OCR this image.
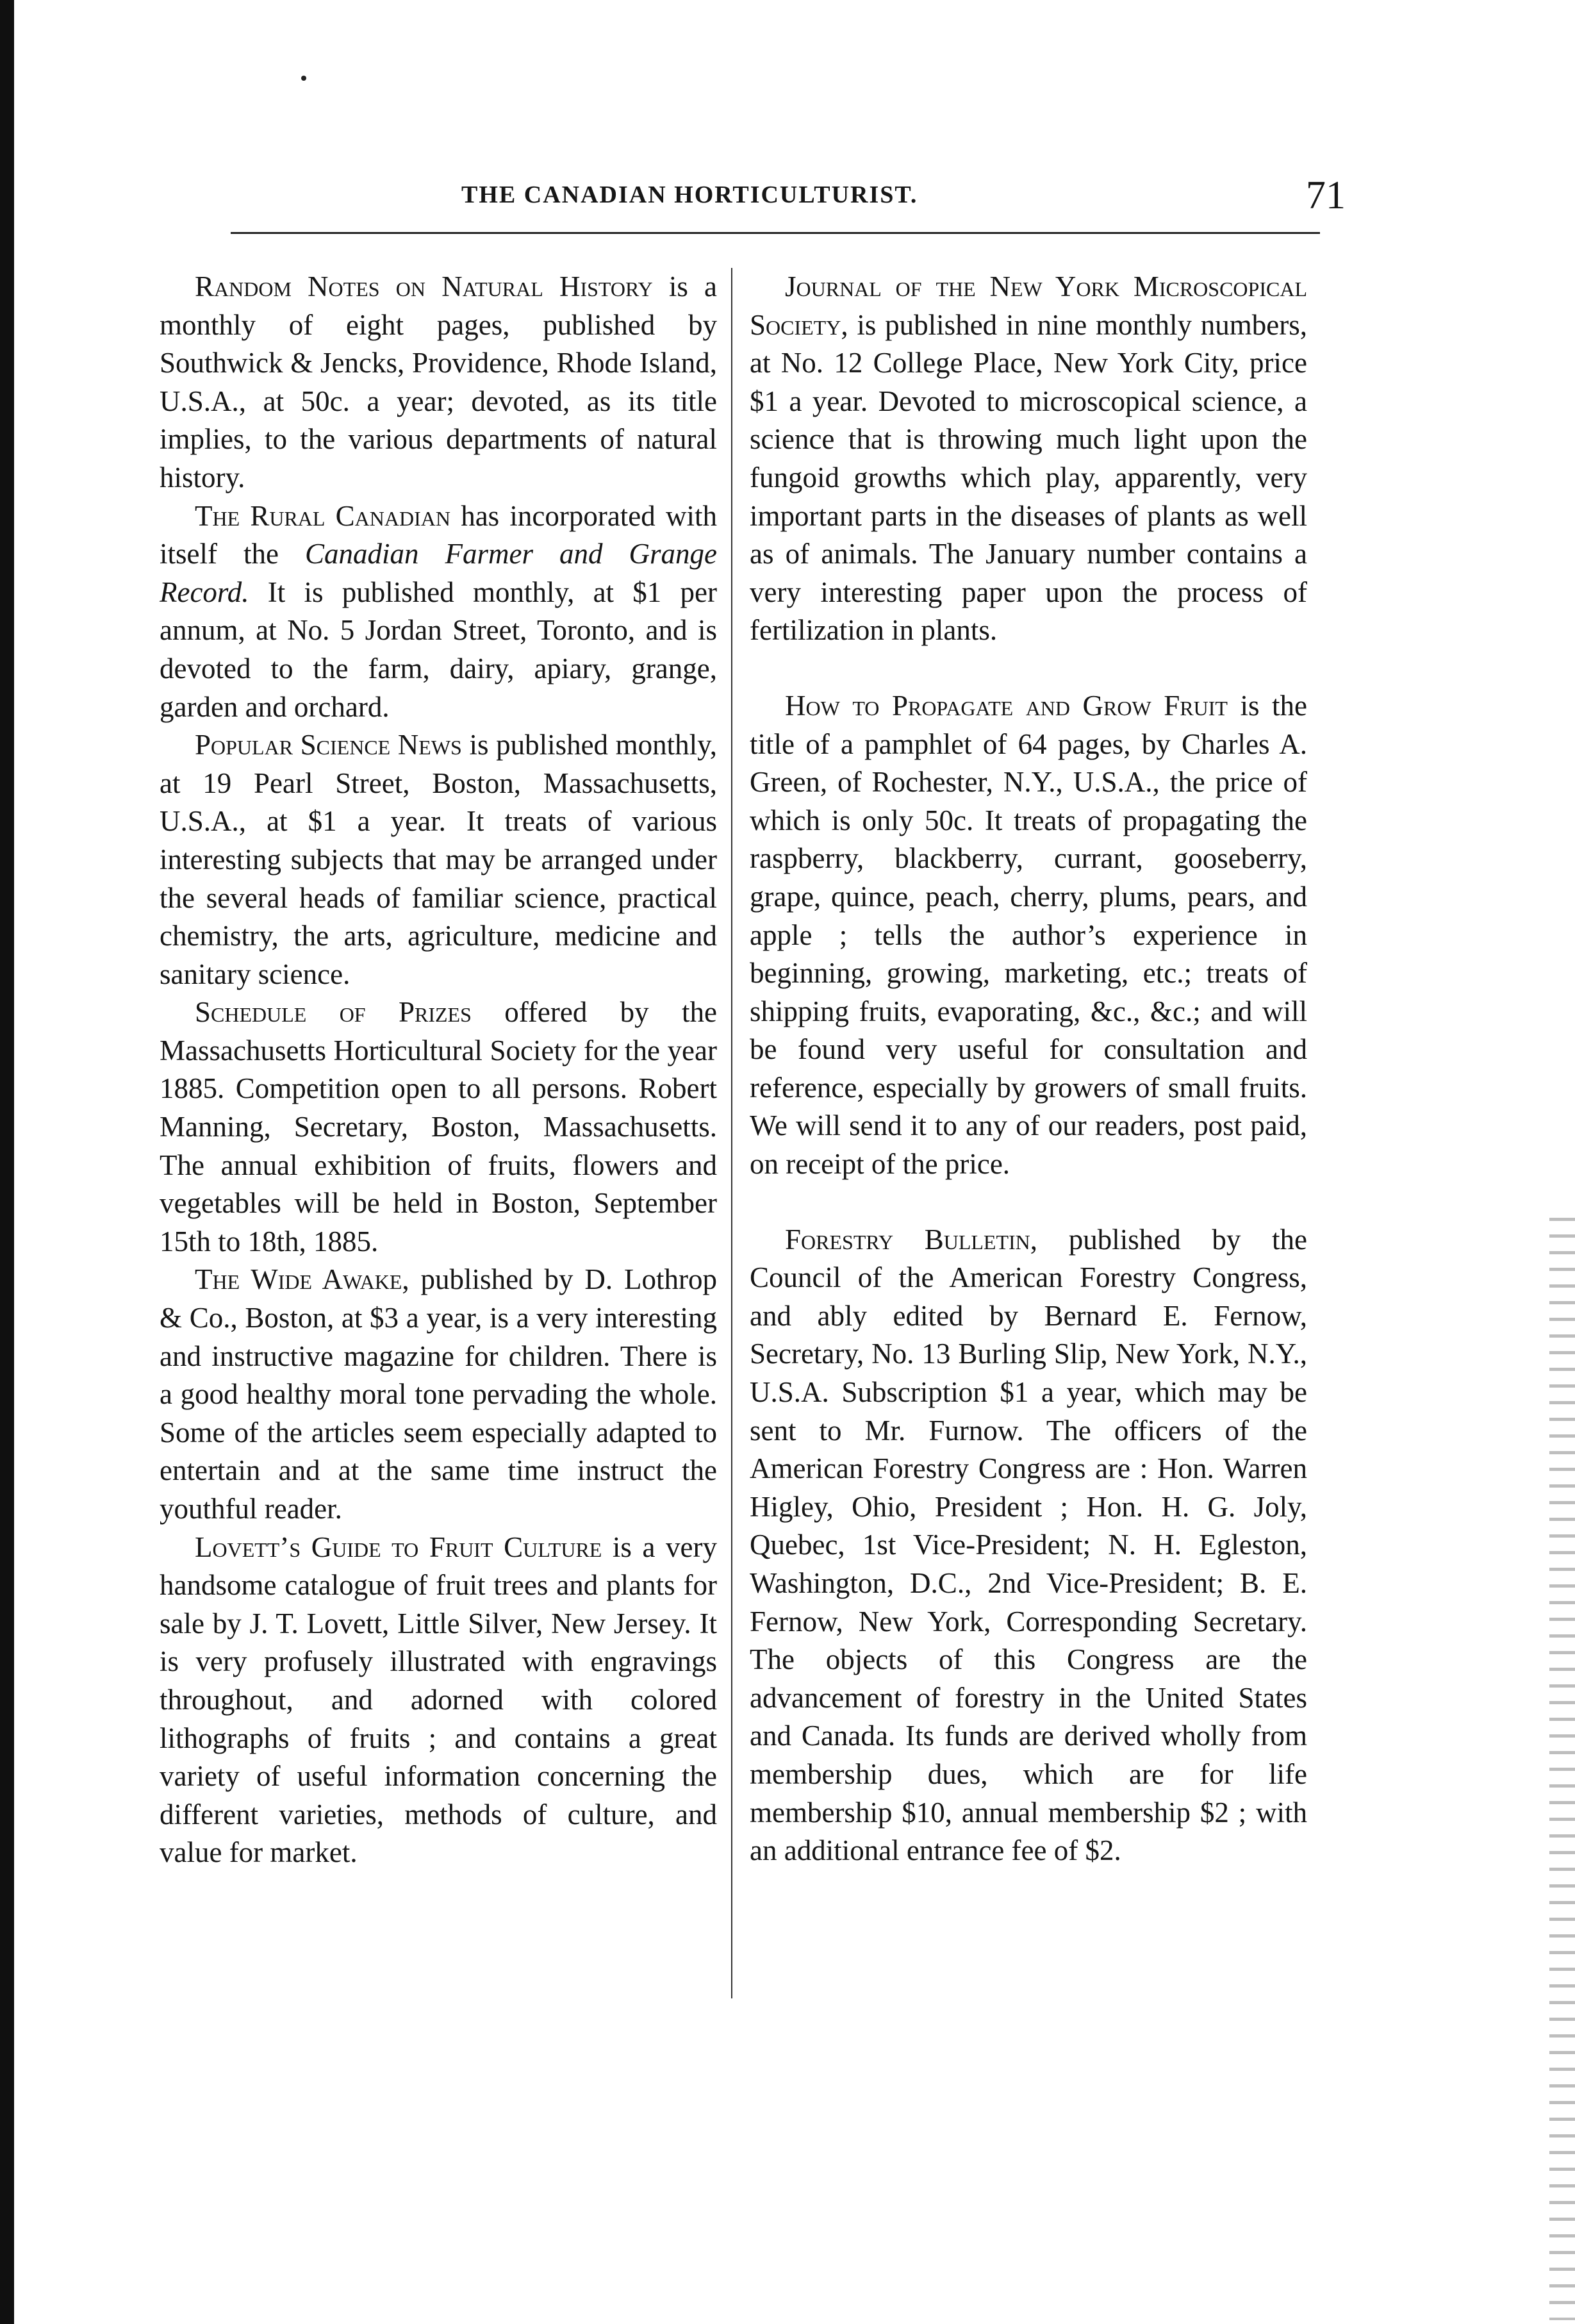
THE CANADIAN HORTICULTURIST.	71

Random Notes on Natural History is a monthly of eight pages, published by Southwick & Jencks, Providence, Rhode Island, U.S.A., at 50c. a year; devoted, as its title implies, to the various departments of natural history.

The Rural Canadian has incorporated with itself the Canadian Farmer and Grange Record. It is published monthly, at $1 per annum, at No. 5 Jordan Street, Toronto, and is devoted to the farm, dairy, apiary, grange, garden and orchard.

Popular Science News is published monthly, at 19 Pearl Street, Boston, Massachusetts, U.S.A., at $1 a year. It treats of various interesting subjects that may be arranged under the several heads of familiar science, practical chemistry, the arts, agriculture, medicine and sanitary science.

Schedule of Prizes offered by the Massachusetts Horticultural Society for the year 1885. Competition open to all persons. Robert Manning, Secretary, Boston, Massachusetts. The annual exhibition of fruits, flowers and vegetables will be held in Boston, September 15th to 18th, 1885.

The Wide Awake, published by D. Lothrop & Co., Boston, at $3 a year, is a very interesting and instructive magazine for children. There is a good healthy moral tone pervading the whole. Some of the articles seem especially adapted to entertain and at the same time instruct the youthful reader.

Lovett’s Guide to Fruit Culture is a very handsome catalogue of fruit trees and plants for sale by J. T. Lovett, Little Silver, New Jersey. It is very profusely illustrated with engravings throughout, and adorned with colored lithographs of fruits ; and contains a great variety of useful information concerning the different varieties, methods of culture, and value for market.

Journal of the New York Microscopical Society, is published in nine monthly numbers, at No. 12 College Place, New York City, price $1 a year. Devoted to microscopical science, a science that is throwing much light upon the fungoid growths which play, apparently, very important parts in the diseases of plants as well as of animals. The January number contains a very interesting paper upon the process of fertilization in plants.

How to Propagate and Grow Fruit is the title of a pamphlet of 64 pages, by Charles A. Green, of Rochester, N.Y., U.S.A., the price of which is only 50c. It treats of propagating the raspberry, blackberry, currant, gooseberry, grape, quince, peach, cherry, plums, pears, and apple ; tells the author’s experience in beginning, growing, marketing, etc.; treats of shipping fruits, evaporating, &c., &c.; and will be found very useful for consultation and reference, especially by growers of small fruits. We will send it to any of our readers, post paid, on receipt of the price.

Forestry Bulletin, published by the Council of the American Forestry Congress, and ably edited by Bernard E. Fernow, Secretary, No. 13 Burling Slip, New York, N.Y., U.S.A. Subscription $1 a year, which may be sent to Mr. Furnow. The officers of the American Forestry Congress are : Hon. Warren Higley, Ohio, President ; Hon. H. G. Joly, Quebec, 1st Vice-President; N. H. Egleston, Washington, D.C., 2nd Vice-President; B. E. Fernow, New York, Corresponding Secretary. The objects of this Congress are the advancement of forestry in the United States and Canada. Its funds are derived wholly from membership dues, which are for life membership $10, annual membership $2 ; with an additional entrance fee of $2.
